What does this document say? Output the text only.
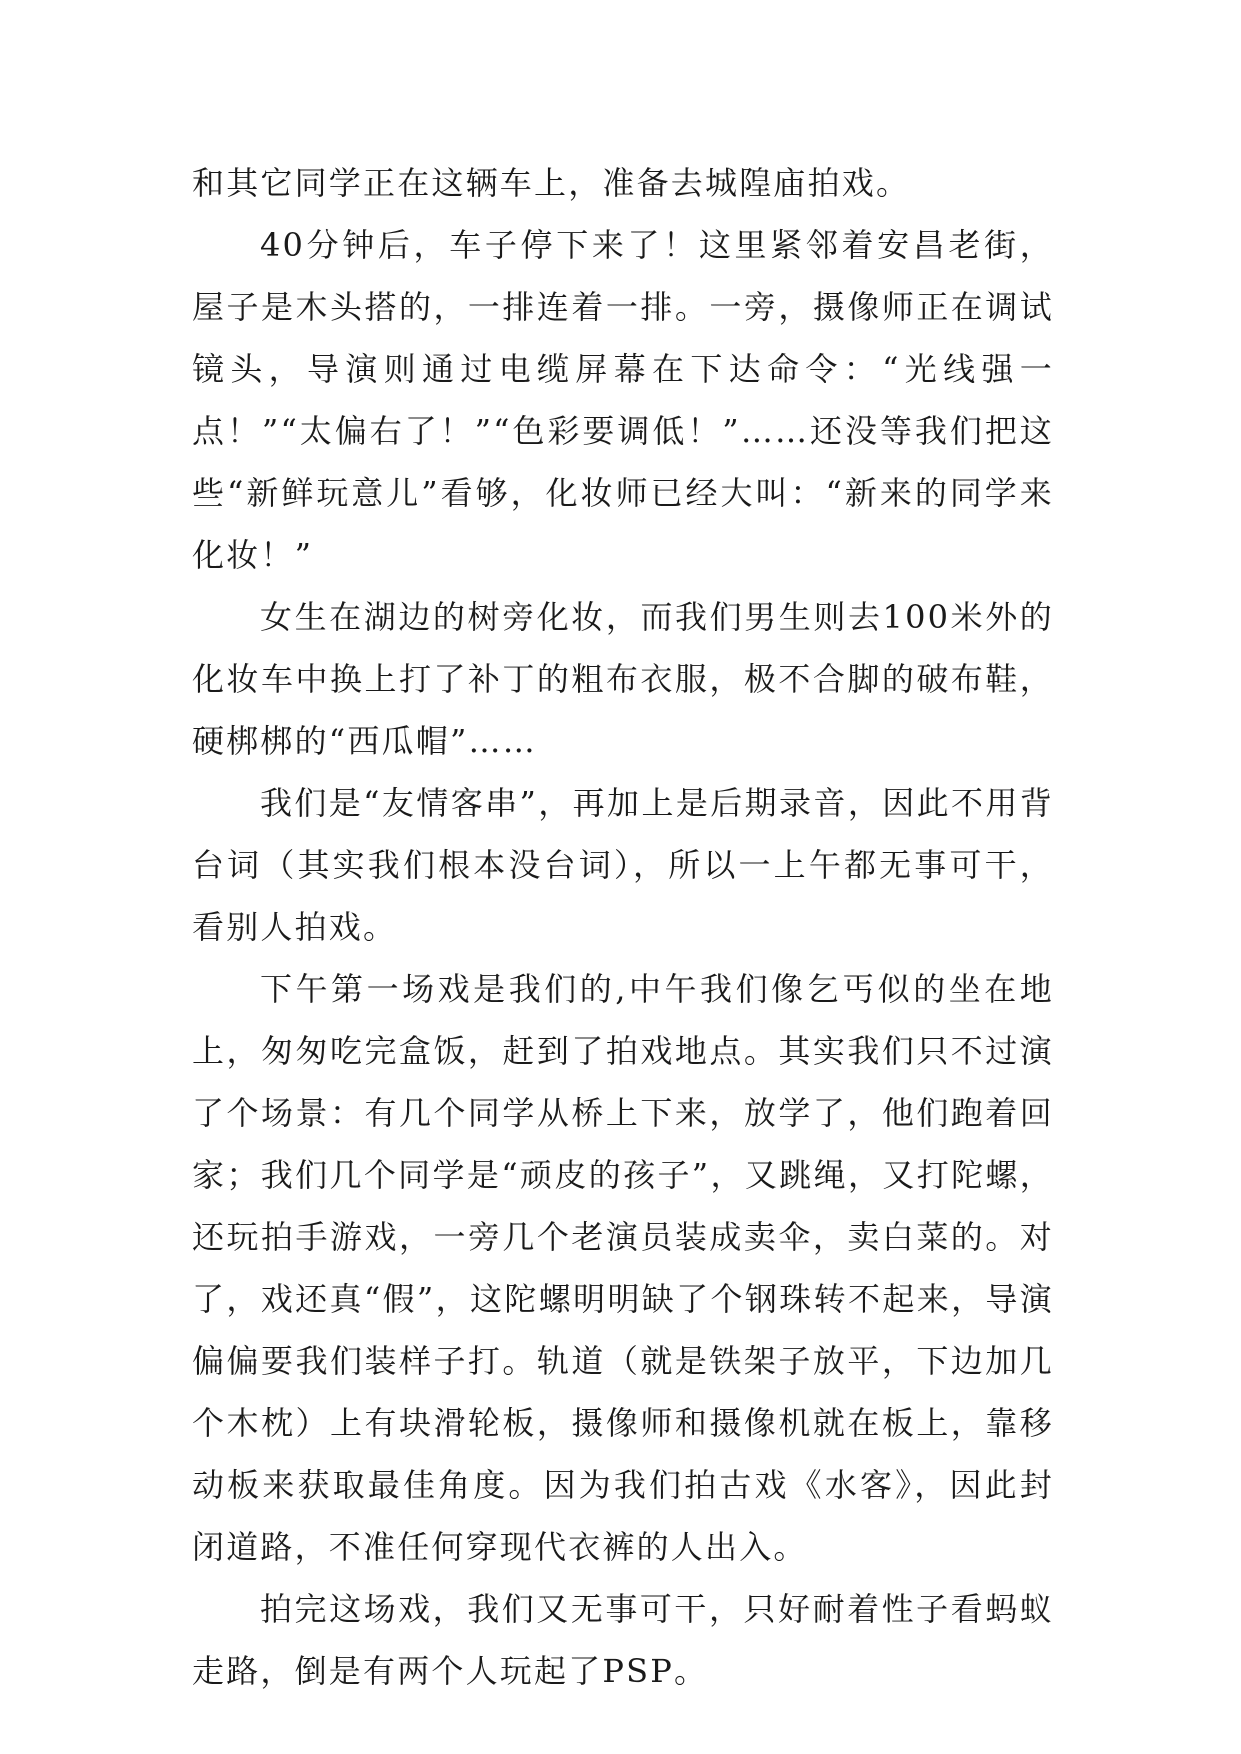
和其它同学正在这辆车上，准备去城隍庙拍戏。

40分钟后，车子停下来了！这里紧邻着安昌老街，屋子是木头搭的，一排连着一排。一旁，摄像师正在调试镜头，导演则通过电缆屏幕在下达命令：“光线强一点！”“太偏右了！”“色彩要调低！”……还没等我们把这些“新鲜玩意儿”看够，化妆师已经大叫：“新来的同学来化妆！”

女生在湖边的树旁化妆，而我们男生则去100米外的化妆车中换上打了补丁的粗布衣服，极不合脚的破布鞋，硬梆梆的“西瓜帽”……

我们是“友情客串”，再加上是后期录音，因此不用背台词（其实我们根本没台词），所以一上午都无事可干，看别人拍戏。

下午第一场戏是我们的,中午我们像乞丐似的坐在地上，匆匆吃完盒饭，赶到了拍戏地点。其实我们只不过演了个场景：有几个同学从桥上下来，放学了，他们跑着回家；我们几个同学是“顽皮的孩子”，又跳绳，又打陀螺，还玩拍手游戏，一旁几个老演员装成卖伞，卖白菜的。对了，戏还真“假”，这陀螺明明缺了个钢珠转不起来，导演偏偏要我们装样子打。轨道（就是铁架子放平，下边加几个木枕）上有块滑轮板，摄像师和摄像机就在板上，靠移动板来获取最佳角度。因为我们拍古戏《水客》，因此封闭道路，不准任何穿现代衣裤的人出入。

拍完这场戏，我们又无事可干，只好耐着性子看蚂蚁走路，倒是有两个人玩起了PSP。
